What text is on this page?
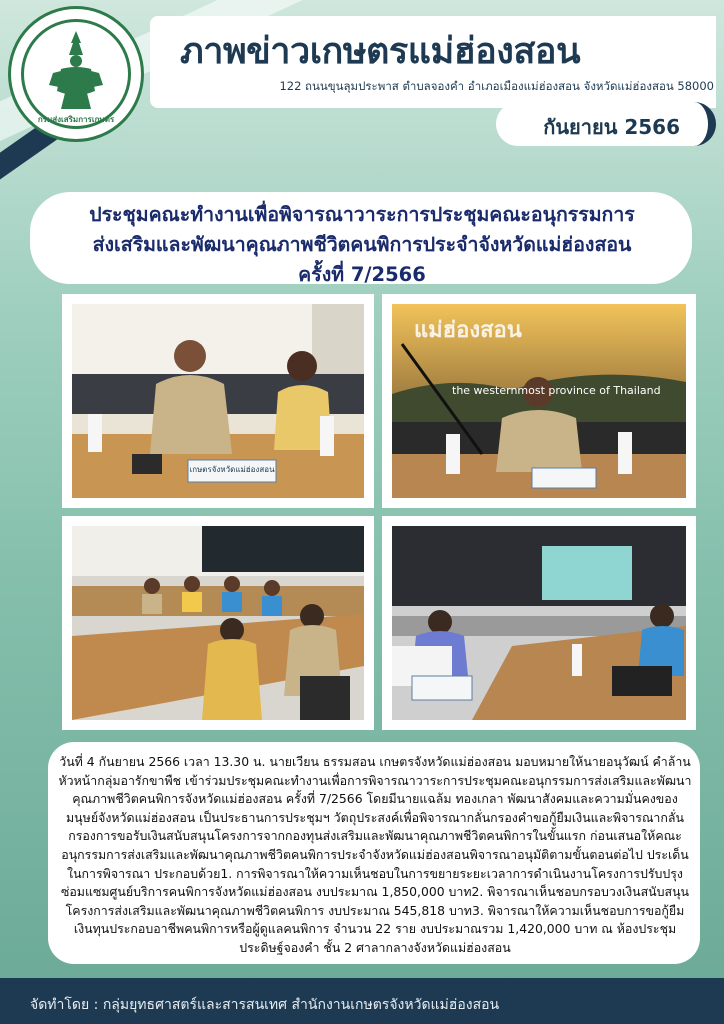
ภาพข่าวเกษตรแม่ฮ่องสอน
122 ถนนขุนลุมประพาส ตำบลจองคำ อำเภอเมืองแม่ฮ่องสอน จังหวัดแม่ฮ่องสอน 58000
กันยายน 2566
กรมส่งเสริมการเกษตร
ประชุมคณะทำงานเพื่อพิจารณาวาระการประชุมคณะอนุกรรมการ
ส่งเสริมและพัฒนาคุณภาพชีวิตคนพิการประจำจังหวัดแม่ฮ่องสอน
ครั้งที่ 7/2566
เกษตรจังหวัดแม่ฮ่องสอน
แม่ฮ่องสอน
the westernmost province of Thailand
วันที่ 4 กันยายน 2566 เวลา 13.30 น. นายเวียน ธรรมสอน เกษตรจังหวัดแม่ฮ่องสอน มอบหมายให้นายอนุวัฒน์ คำล้าน หัวหน้ากลุ่มอารักขาพืช เข้าร่วมประชุมคณะทำงานเพื่อการพิจารณาวาระการประชุมคณะอนุกรรมการส่งเสริมและพัฒนาคุณภาพชีวิตคนพิการจังหวัดแม่ฮ่องสอน ครั้งที่ 7/2566 โดยมีนายแฉล้ม ทองเกลา พัฒนาสังคมและความมั่นคงของมนุษย์จังหวัดแม่ฮ่องสอน เป็นประธานการประชุมฯ วัตถุประสงค์เพื่อพิจารณากลั่นกรองคำขอกู้ยืมเงินและพิจารณากลั่นกรองการขอรับเงินสนับสนุนโครงการจากกองทุนส่งเสริมและพัฒนาคุณภาพชีวิตคนพิการในขั้นแรก ก่อนเสนอให้คณะอนุกรรมการส่งเสริมและพัฒนาคุณภาพชีวิตคนพิการประจำจังหวัดแม่ฮ่องสอนพิจารณาอนุมัติตามขั้นตอนต่อไป ประเด็นในการพิจารณา ประกอบด้วย1. การพิจารณาให้ความเห็นชอบในการขยายระยะเวลาการดำเนินงานโครงการปรับปรุงซ่อมแซมศูนย์บริการคนพิการจังหวัดแม่ฮ่องสอน งบประมาณ 1,850,000 บาท2. พิจารณาเห็นชอบกรอบวงเงินสนับสนุนโครงการส่งเสริมและพัฒนาคุณภาพชีวิตคนพิการ งบประมาณ 545,818 บาท3. พิจารณาให้ความเห็นชอบการขอกู้ยืมเงินทุนประกอบอาชีพคนพิการหรือผู้ดูแลคนพิการ จำนวน 22 ราย งบประมาณรวม 1,420,000 บาท ณ ห้องประชุมประดิษฐ์จองคำ ชั้น 2 ศาลากลางจังหวัดแม่ฮ่องสอน
จัดทำโดย : กลุ่มยุทธศาสตร์และสารสนเทศ สำนักงานเกษตรจังหวัดแม่ฮ่องสอน
